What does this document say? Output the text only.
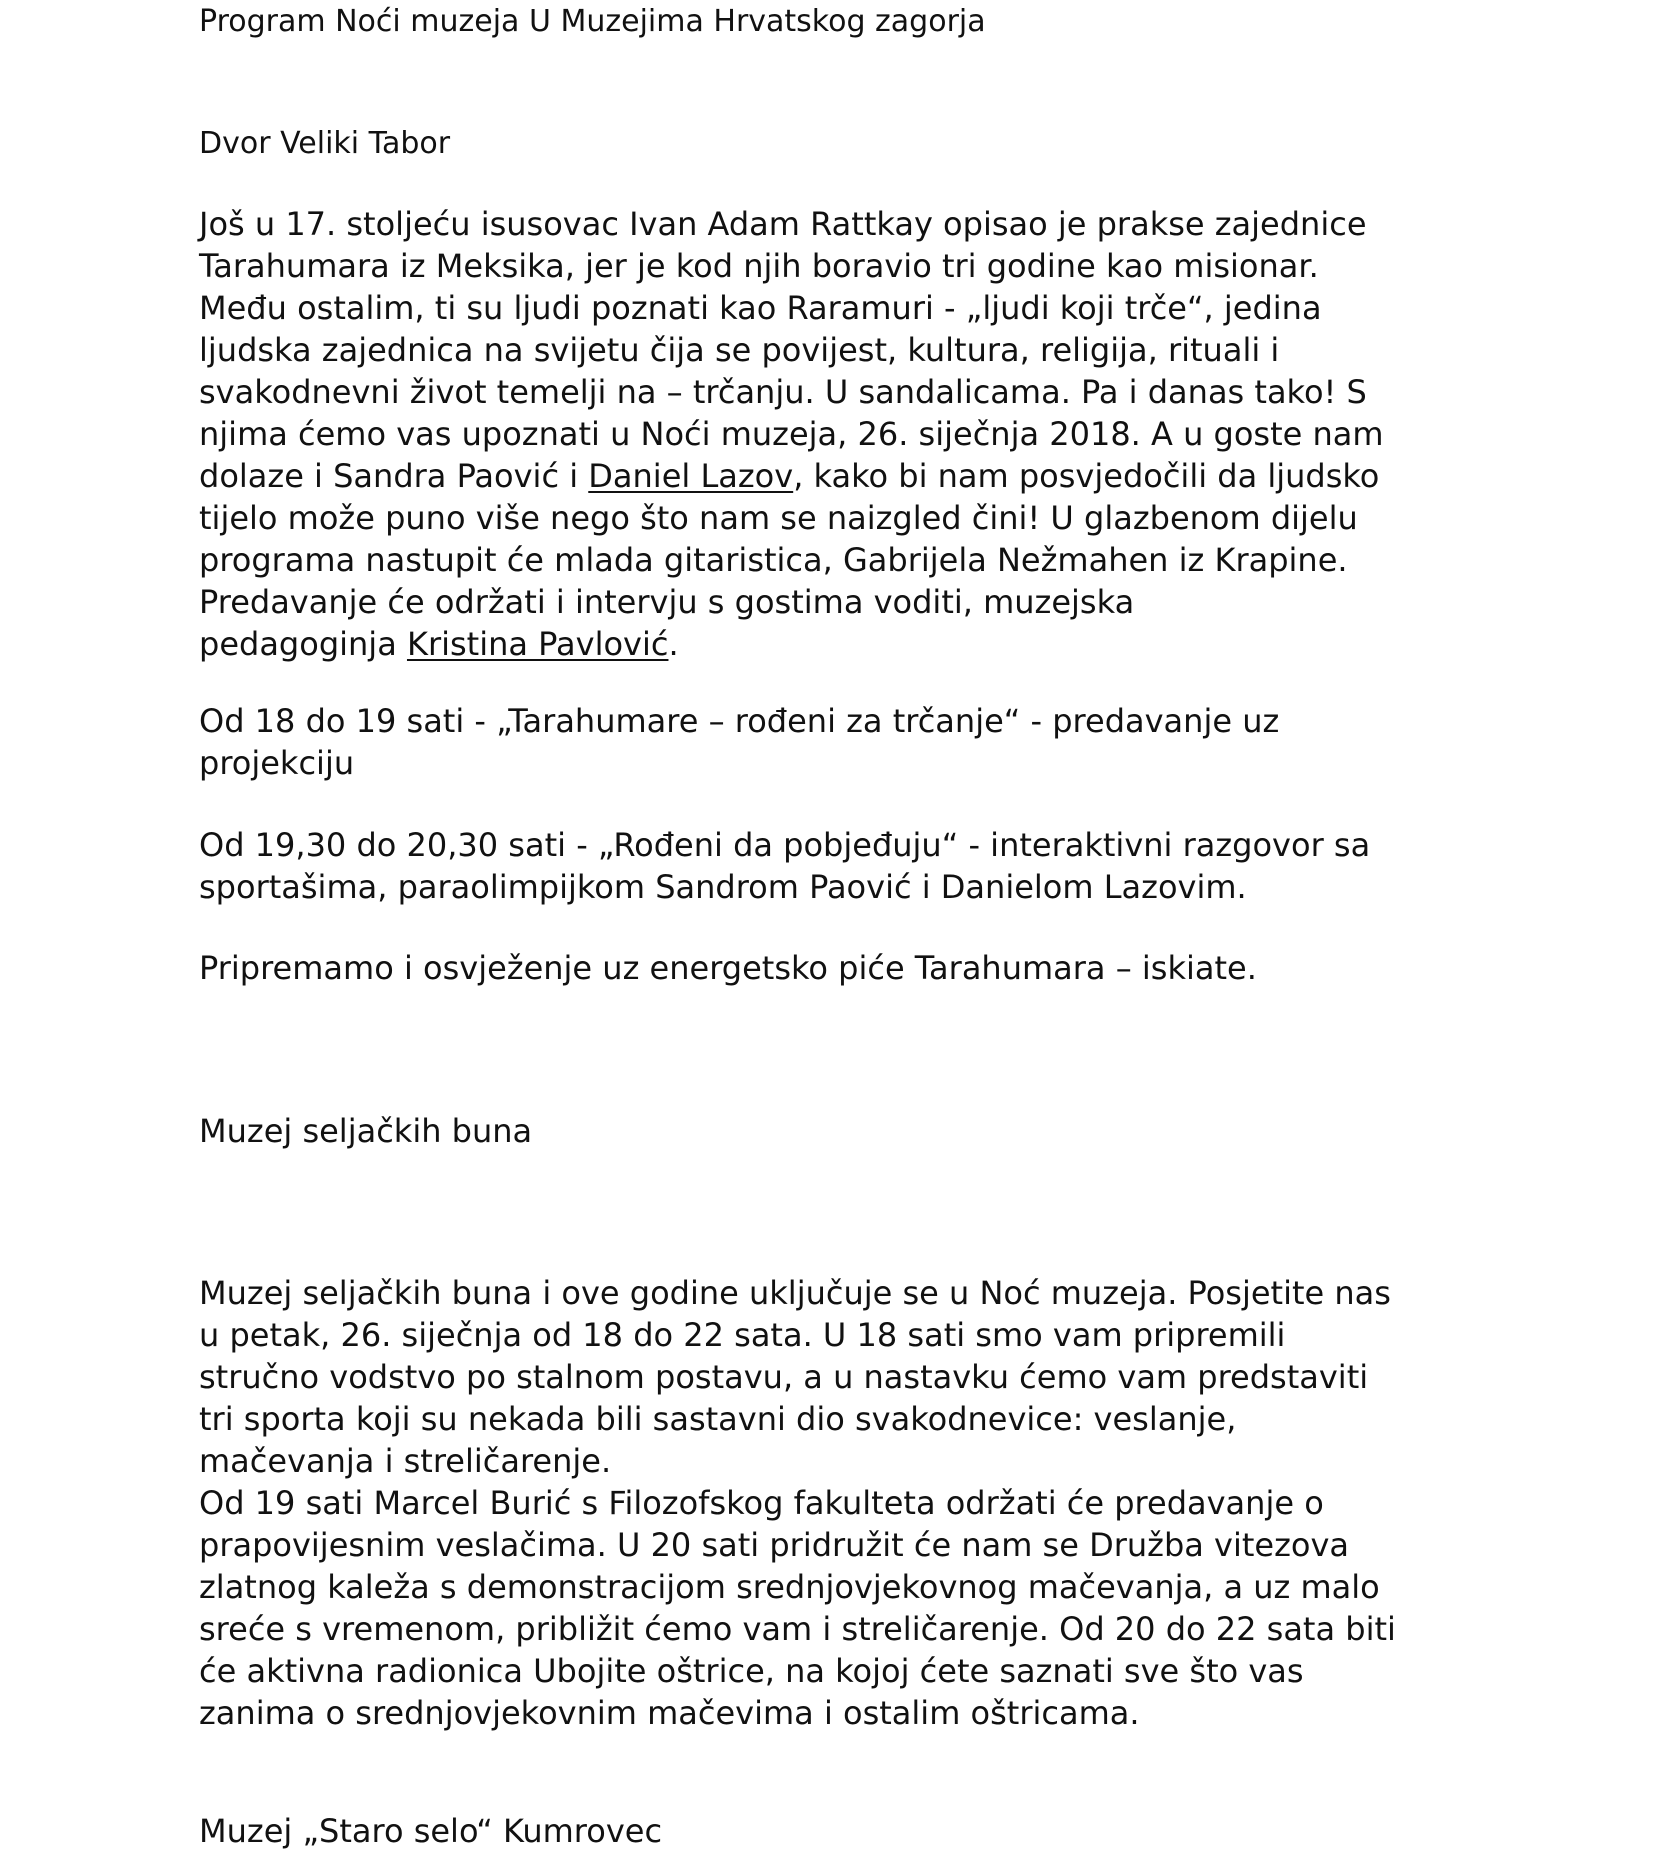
Program Noći muzeja U Muzejima Hrvatskog zagorja
Dvor Veliki Tabor
Još u 17. stoljeću isusovac Ivan Adam Rattkay opisao je prakse zajednice
Tarahumara iz Meksika, jer je kod njih boravio tri godine kao misionar.
Među ostalim, ti su ljudi poznati kao Raramuri - „ljudi koji trče“, jedina
ljudska zajednica na svijetu čija se povijest, kultura, religija, rituali i
svakodnevni život temelji na – trčanju. U sandalicama. Pa i danas tako! S
njima ćemo vas upoznati u Noći muzeja, 26. siječnja 2018. A u goste nam
dolaze i Sandra Paović i Daniel Lazov, kako bi nam posvjedočili da ljudsko
tijelo može puno više nego što nam se naizgled čini! U glazbenom dijelu
programa nastupit će mlada gitaristica, Gabrijela Nežmahen iz Krapine.
Predavanje će održati i intervju s gostima voditi, muzejska
pedagoginja Kristina Pavlović.
Od 18 do 19 sati - „Tarahumare – rođeni za trčanje“ - predavanje uz
projekciju
Od 19,30 do 20,30 sati - „Rođeni da pobjeđuju“ - interaktivni razgovor sa
sportašima, paraolimpijkom Sandrom Paović i Danielom Lazovim.
Pripremamo i osvježenje uz energetsko piće Tarahumara – iskiate.
Muzej seljačkih buna
Muzej seljačkih buna i ove godine uključuje se u Noć muzeja. Posjetite nas
u petak, 26. siječnja od 18 do 22 sata. U 18 sati smo vam pripremili
stručno vodstvo po stalnom postavu, a u nastavku ćemo vam predstaviti
tri sporta koji su nekada bili sastavni dio svakodnevice: veslanje,
mačevanja i streličarenje.
Od 19 sati Marcel Burić s Filozofskog fakulteta održati će predavanje o
prapovijesnim veslačima. U 20 sati pridružit će nam se Družba vitezova
zlatnog kaleža s demonstracijom srednjovjekovnog mačevanja, a uz malo
sreće s vremenom, približit ćemo vam i streličarenje. Od 20 do 22 sata biti
će aktivna radionica Ubojite oštrice, na kojoj ćete saznati sve što vas
zanima o srednjovjekovnim mačevima i ostalim oštricama.
Muzej „Staro selo“ Kumrovec
